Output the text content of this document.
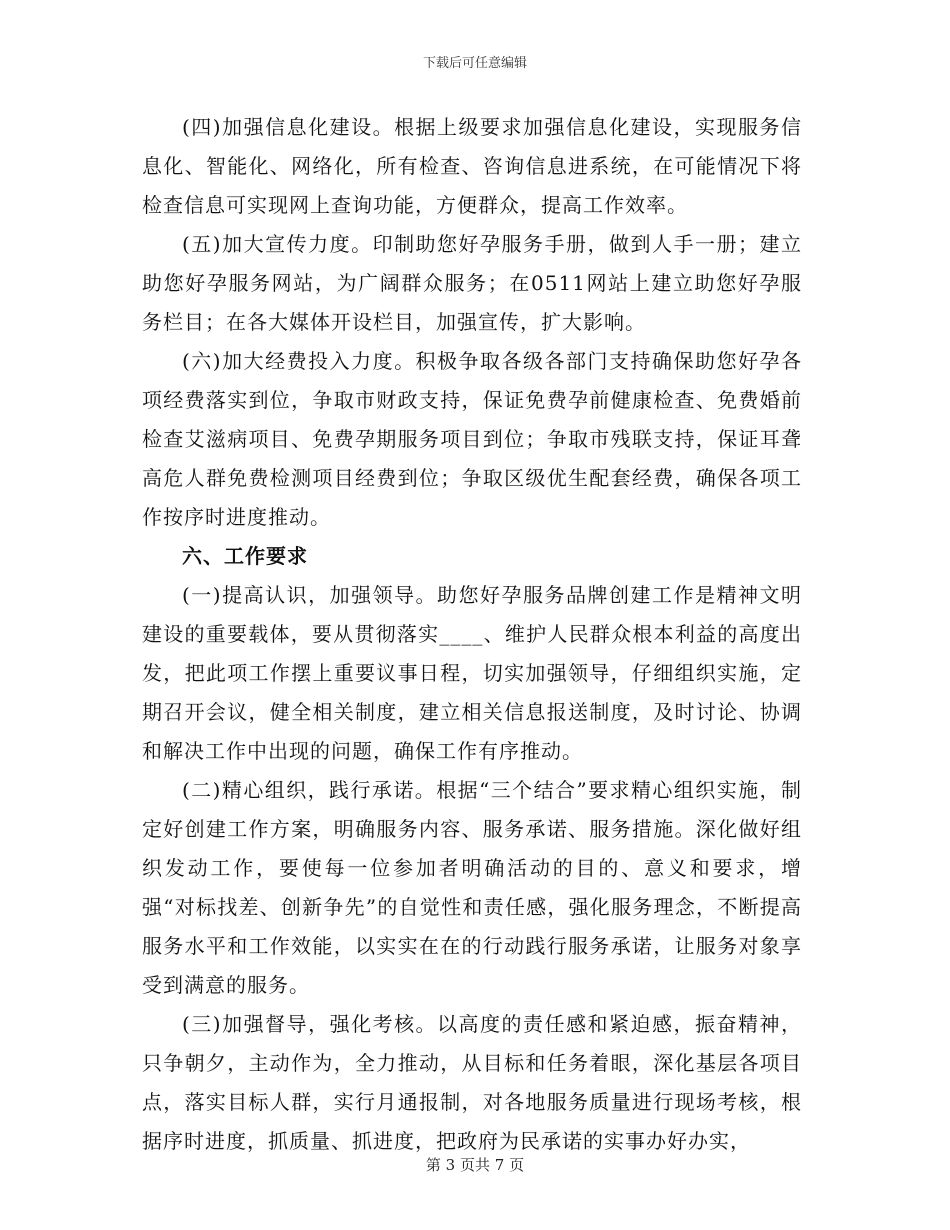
下载后可任意编辑

(四)加强信息化建设。根据上级要求加强信息化建设，实现服务信息化、智能化、网络化，所有检查、咨询信息进系统，在可能情况下将检查信息可实现网上查询功能，方便群众，提高工作效率。

(五)加大宣传力度。印制助您好孕服务手册，做到人手一册；建立助您好孕服务网站，为广阔群众服务；在0511网站上建立助您好孕服务栏目；在各大媒体开设栏目，加强宣传，扩大影响。

(六)加大经费投入力度。积极争取各级各部门支持确保助您好孕各项经费落实到位，争取市财政支持，保证免费孕前健康检查、免费婚前检查艾滋病项目、免费孕期服务项目到位；争取市残联支持，保证耳聋高危人群免费检测项目经费到位；争取区级优生配套经费，确保各项工作按序时进度推动。

六、工作要求

(一)提高认识，加强领导。助您好孕服务品牌创建工作是精神文明建设的重要载体，要从贯彻落实____、维护人民群众根本利益的高度出发，把此项工作摆上重要议事日程，切实加强领导，仔细组织实施，定期召开会议，健全相关制度，建立相关信息报送制度，及时讨论、协调和解决工作中出现的问题，确保工作有序推动。

(二)精心组织，践行承诺。根据“三个结合”要求精心组织实施，制定好创建工作方案，明确服务内容、服务承诺、服务措施。深化做好组织发动工作，要使每一位参加者明确活动的目的、意义和要求，增强“对标找差、创新争先”的自觉性和责任感，强化服务理念，不断提高服务水平和工作效能，以实实在在的行动践行服务承诺，让服务对象享受到满意的服务。

(三)加强督导，强化考核。以高度的责任感和紧迫感，振奋精神，只争朝夕，主动作为，全力推动，从目标和任务着眼，深化基层各项目点，落实目标人群，实行月通报制，对各地服务质量进行现场考核，根据序时进度，抓质量、抓进度，把政府为民承诺的实事办好办实，

第 3 页共 7 页
